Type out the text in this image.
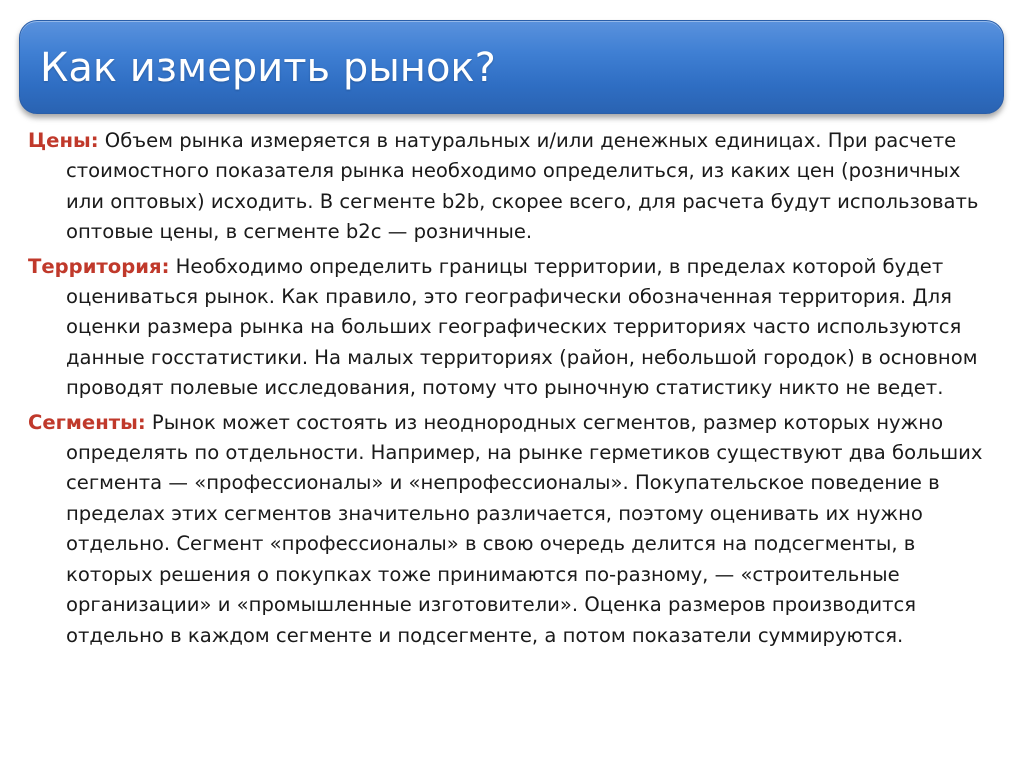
Как измерить рынок?

Цены: Объем рынка измеряется в натуральных и/или денежных единицах. При расчете стоимостного показателя рынка необходимо определиться, из каких цен (розничных или оптовых) исходить. В сегменте b2b, скорее всего, для расчета будут использовать оптовые цены, в сегменте b2c — розничные.

Территория: Необходимо определить границы территории, в пределах которой будет оцениваться рынок. Как правило, это географически обозначенная территория. Для оценки размера рынка на больших географических территориях часто используются данные госстатистики. На малых территориях (район, небольшой городок) в основном проводят полевые исследования, потому что рыночную статистику никто не ведет.

Сегменты: Рынок может состоять из неоднородных сегментов, размер которых нужно определять по отдельности. Например, на рынке герметиков существуют два больших сегмента — «профессионалы» и «непрофессионалы». Покупательское поведение в пределах этих сегментов значительно различается, поэтому оценивать их нужно отдельно. Сегмент «профессионалы» в свою очередь делится на подсегменты, в которых решения о покупках тоже принимаются по-разному, — «строительные организации» и «промышленные изготовители». Оценка размеров производится отдельно в каждом сегменте и подсегменте, а потом показатели суммируются.
